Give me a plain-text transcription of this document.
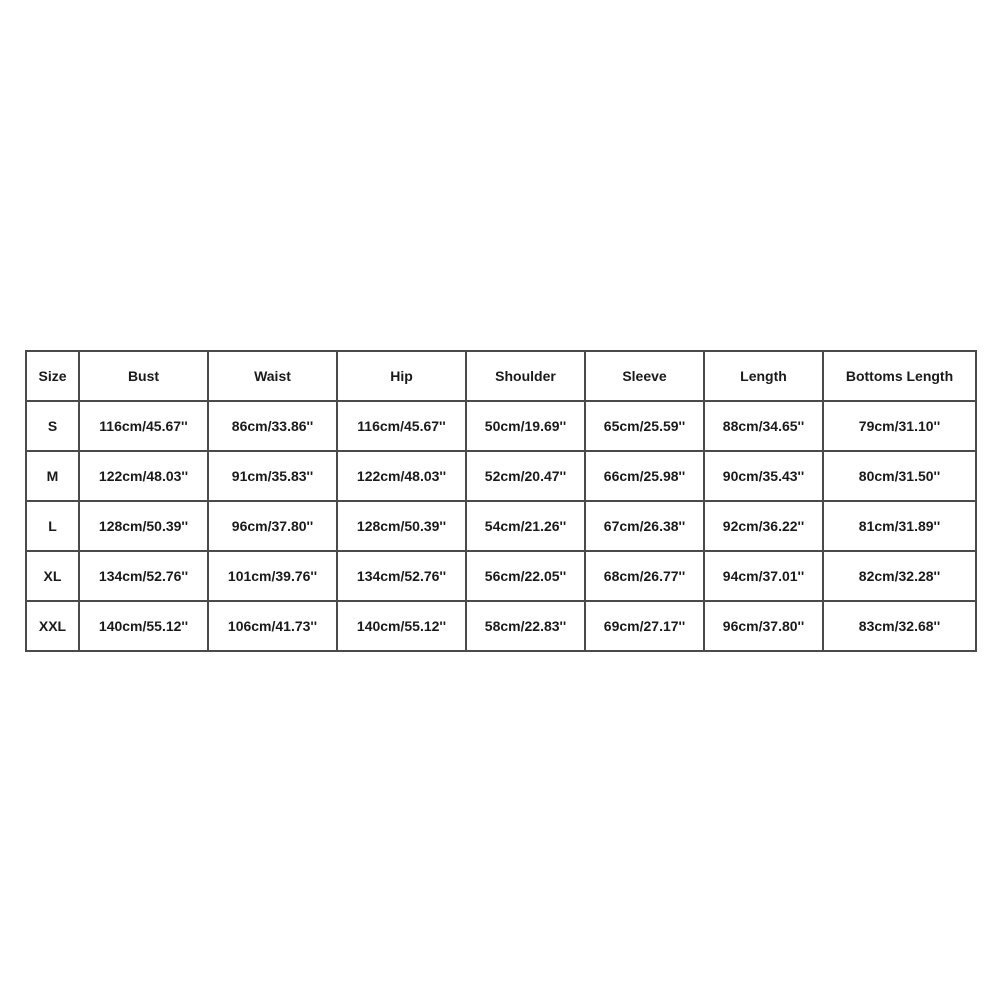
Size	Bust	Waist	Hip	Shoulder	Sleeve	Length	Bottoms Length
S	116cm/45.67''	86cm/33.86''	116cm/45.67''	50cm/19.69''	65cm/25.59''	88cm/34.65''	79cm/31.10''
M	122cm/48.03''	91cm/35.83''	122cm/48.03''	52cm/20.47''	66cm/25.98''	90cm/35.43''	80cm/31.50''
L	128cm/50.39''	96cm/37.80''	128cm/50.39''	54cm/21.26''	67cm/26.38''	92cm/36.22''	81cm/31.89''
XL	134cm/52.76''	101cm/39.76''	134cm/52.76''	56cm/22.05''	68cm/26.77''	94cm/37.01''	82cm/32.28''
XXL	140cm/55.12''	106cm/41.73''	140cm/55.12''	58cm/22.83''	69cm/27.17''	96cm/37.80''	83cm/32.68''
